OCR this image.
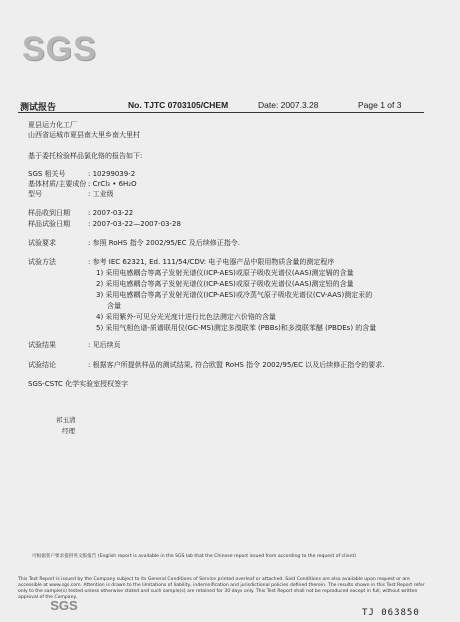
SGS
测试报告	No. TJTC 0703105/CHEM	Date: 2007.3.28	Page 1 of 3
夏县运力化工厂
山西省运城市夏县南大里乡南大里村
基于委托检验样品氯化铬的报告如下:
SGS 相关号	: 10299039-2
基体材质/主要成份 : CrCl₃ • 6H₂O
型号	: 工业级
样品收到日期	: 2007-03-22
样品试验日期	: 2007-03-22—2007-03-28
试验要求	: 参照 RoHS 指令 2002/95/EC 及后续修正指令.
试验方法	: 参考 IEC 62321, Ed. 111/54/CDV: 电子电器产品中限用物质含量的测定程序
1) 采用电感耦合等离子发射光谱仪(ICP-AES)或原子吸收光谱仪(AAS)测定镉的含量
2) 采用电感耦合等离子发射光谱仪(ICP-AES)或原子吸收光谱仪(AAS)测定铅的含量
3) 采用电感耦合等离子发射光谱仪(ICP-AES)或冷蒸气原子吸收光谱仪(CV-AAS)测定汞的
含量
4) 采用紫外-可见分光光度计进行比色法测定六价铬的含量
5) 采用气相色谱-质谱联用仪(GC-MS)测定多溴联苯 (PBBs)和多溴联苯醚 (PBDEs) 的含量
试验结果	: 见后续页
试验结论	: 根据客户所提供样品的测试结果, 符合欧盟 RoHS 指令 2002/95/EC 以及后续修正指令的要求.
SGS-CSTC 化学实验室授权签字
祁玉清
经理
可根据客户要求提供英文版报告 (English report is available in the SGS lab that the Chinese report issued from according to the request of client)
This Test Report is issued by the Company subject to its General Conditions of Service printed overleaf or attached. Said Conditions are also available upon request or are accessible at www.sgs.com. Attention is drawn to the limitations of liability, indemnification and jurisdictional policies defined therein. The results shown in this Test Report refer only to the sample(s) tested unless otherwise stated and such sample(s) are retained for 30 days only. This Test Report shall not be reproduced except in full, without written approval of the Company.
SGS	TJ 063850
